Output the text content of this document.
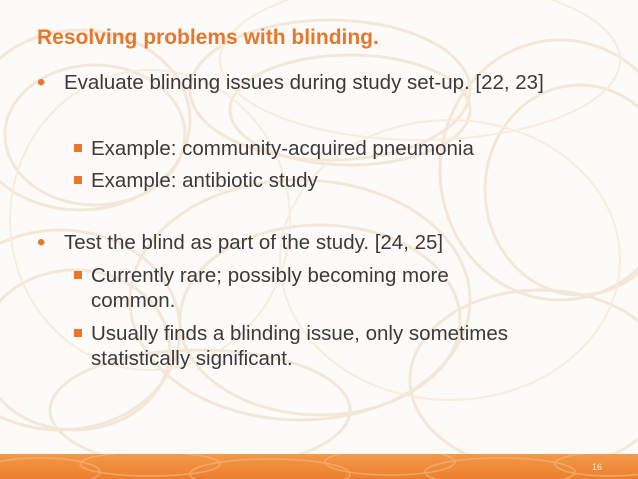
Resolving problems with blinding.
• Evaluate blinding issues during study set-up. [22, 23]
Example: community-acquired pneumonia
Example: antibiotic study
• Test the blind as part of the study. [24, 25]
Currently rare; possibly becoming more common.
Usually finds a blinding issue, only sometimes statistically significant.
16
